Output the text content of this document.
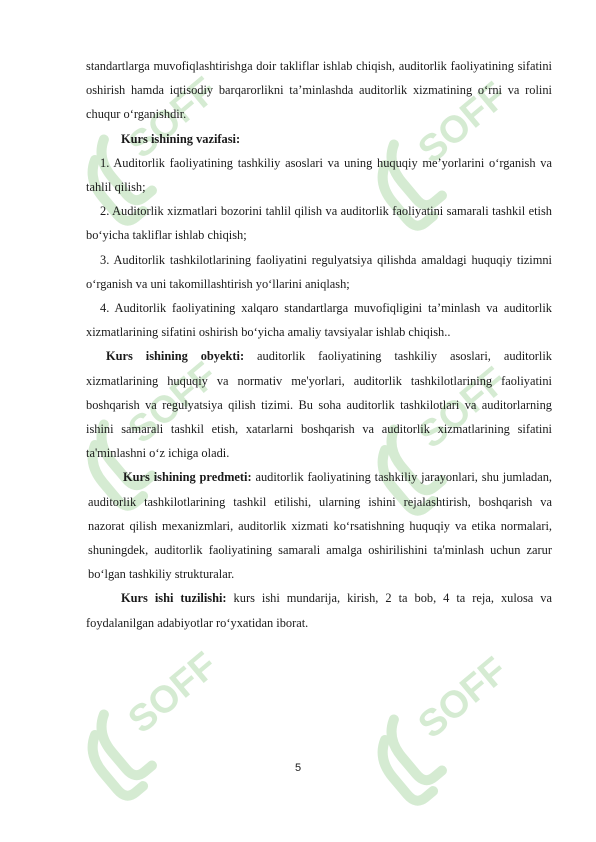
SOFF

standartlarga muvofiqlashtirishga doir takliflar ishlab chiqish, auditorlik faoliyatining sifatini oshirish hamda iqtisodiy barqarorlikni taʼminlashda auditorlik xizmatining oʻrni va rolini chuqur oʻrganishdir.

Kurs ishining vazifasi:

1. Auditorlik faoliyatining tashkiliy asoslari va uning huquqiy meʼyorlarini oʻrganish va tahlil qilish;

2. Auditorlik xizmatlari bozorini tahlil qilish va auditorlik faoliyatini samarali tashkil etish boʻyicha takliflar ishlab chiqish;

3. Auditorlik tashkilotlarining faoliyatini regulyatsiya qilishda amaldagi huquqiy tizimni oʻrganish va uni takomillashtirish yoʻllarini aniqlash;

4. Auditorlik faoliyatining xalqaro standartlarga muvofiqligini taʼminlash va auditorlik xizmatlarining sifatini oshirish boʻyicha amaliy tavsiyalar ishlab chiqish..

Kurs ishining obyekti: auditorlik faoliyatining tashkiliy asoslari, auditorlik xizmatlarining huquqiy va normativ me'yorlari, auditorlik tashkilotlarining faoliyatini boshqarish va regulyatsiya qilish tizimi. Bu soha auditorlik tashkilotlari va auditorlarning ishini samarali tashkil etish, xatarlarni boshqarish va auditorlik xizmatlarining sifatini ta'minlashni oʻz ichiga oladi.

Kurs ishining predmeti: auditorlik faoliyatining tashkiliy jarayonlari, shu jumladan, auditorlik tashkilotlarining tashkil etilishi, ularning ishini rejalashtirish, boshqarish va nazorat qilish mexanizmlari, auditorlik xizmati koʻrsatishning huquqiy va etika normalari, shuningdek, auditorlik faoliyatining samarali amalga oshirilishini ta'minlash uchun zarur boʻlgan tashkiliy strukturalar.

Kurs ishi tuzilishi: kurs ishi mundarija, kirish, 2 ta bob, 4 ta reja, xulosa va foydalanilgan adabiyotlar roʻyxatidan iborat.

5
